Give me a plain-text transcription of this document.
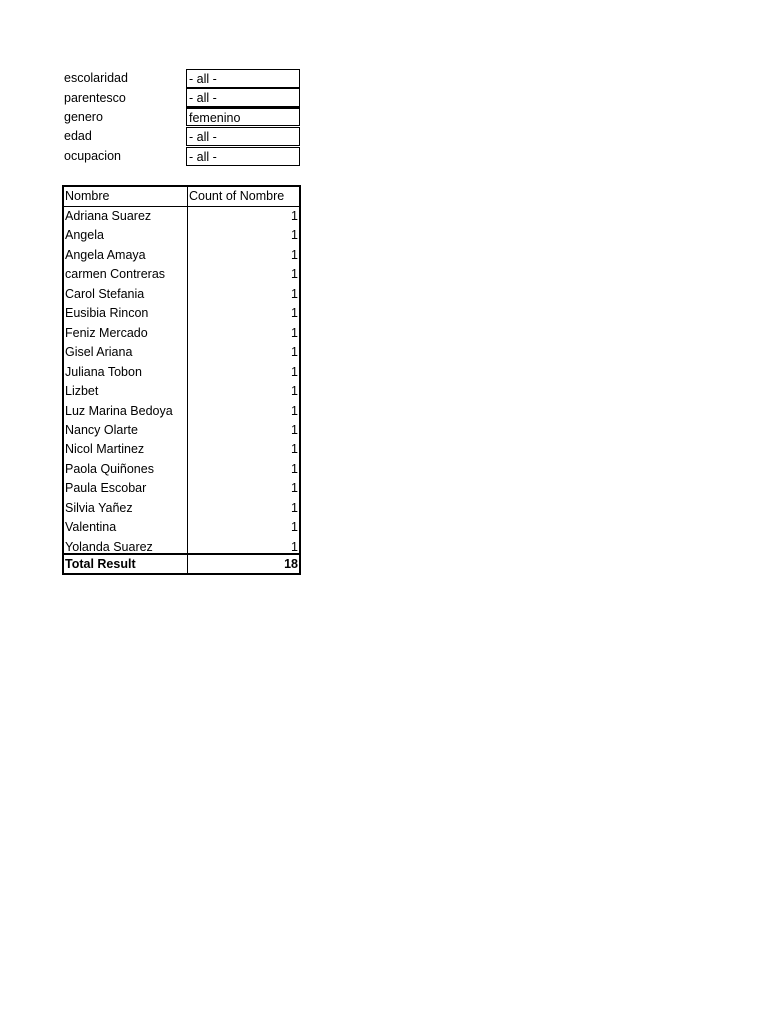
escolaridad	- all -
parentesco	- all -
genero	femenino
edad	- all -
ocupacion	- all -
Nombre	Count of Nombre
Adriana Suarez	1
Angela	1
Angela Amaya	1
carmen Contreras	1
Carol Stefania	1
Eusibia Rincon	1
Feniz Mercado	1
Gisel Ariana	1
Juliana Tobon	1
Lizbet	1
Luz Marina Bedoya	1
Nancy Olarte	1
Nicol Martinez	1
Paola Quiñones	1
Paula Escobar	1
Silvia Yañez	1
Valentina	1
Yolanda Suarez	1
Total Result	18
